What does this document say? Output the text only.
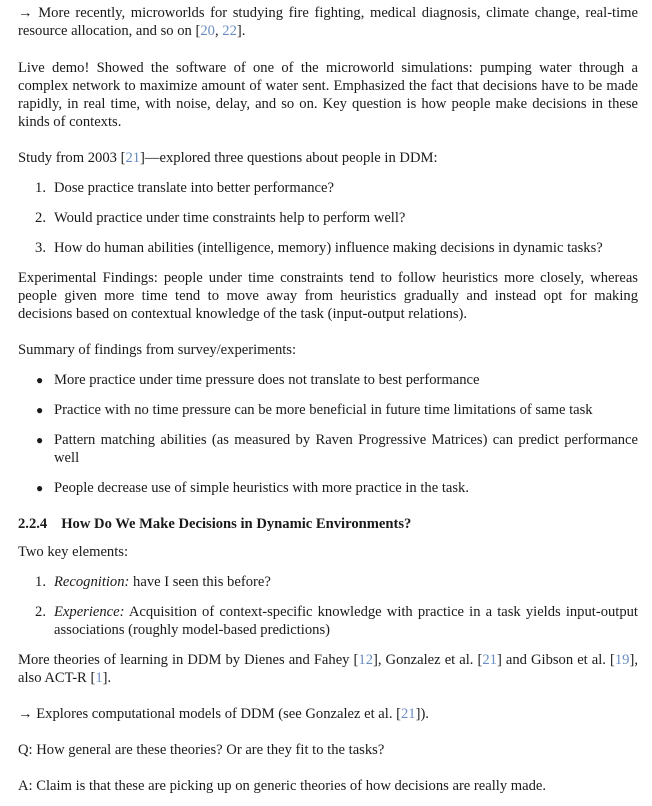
→ More recently, microworlds for studying fire fighting, medical diagnosis, climate change, real-time resource allocation, and so on [20, 22].

Live demo! Showed the software of one of the microworld simulations: pumping water through a complex network to maximize amount of water sent. Emphasized the fact that decisions have to be made rapidly, in real time, with noise, delay, and so on. Key question is how people make decisions in these kinds of contexts.

Study from 2003 [21]—explored three questions about people in DDM:

1. Dose practice translate into better performance?
2. Would practice under time constraints help to perform well?
3. How do human abilities (intelligence, memory) influence making decisions in dynamic tasks?

Experimental Findings: people under time constraints tend to follow heuristics more closely, whereas people given more time tend to move away from heuristics gradually and instead opt for making decisions based on contextual knowledge of the task (input-output relations).

Summary of findings from survey/experiments:

● More practice under time pressure does not translate to best performance
● Practice with no time pressure can be more beneficial in future time limitations of same task
● Pattern matching abilities (as measured by Raven Progressive Matrices) can predict performance well
● People decrease use of simple heuristics with more practice in the task.
2.2.4 How Do We Make Decisions in Dynamic Environments?

Two key elements:

1. Recognition: have I seen this before?
2. Experience: Acquisition of context-specific knowledge with practice in a task yields input-output associations (roughly model-based predictions)

More theories of learning in DDM by Dienes and Fahey [12], Gonzalez et al. [21] and Gibson et al. [19], also ACT-R [1].

→ Explores computational models of DDM (see Gonzalez et al. [21]).

Q: How general are these theories? Or are they fit to the tasks?

A: Claim is that these are picking up on generic theories of how decisions are really made.
